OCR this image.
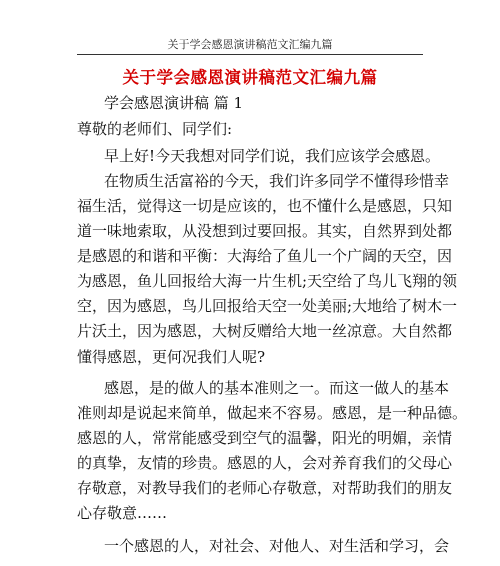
关于学会感恩演讲稿范文汇编九篇
关于学会感恩演讲稿范文汇编九篇
学会感恩演讲稿 篇 1
尊敬的老师们、同学们:
早上好!今天我想对同学们说，我们应该学会感恩。
在物质生活富裕的今天，我们许多同学不懂得珍惜幸
福生活，觉得这一切是应该的，也不懂什么是感恩，只知
道一味地索取，从没想到过要回报。其实，自然界到处都
是感恩的和谐和平衡：大海给了鱼儿一个广阔的天空，因
为感恩，鱼儿回报给大海一片生机;天空给了鸟儿飞翔的领
空，因为感恩，鸟儿回报给天空一处美丽;大地给了树木一
片沃土，因为感恩，大树反赠给大地一丝凉意。大自然都
懂得感恩，更何况我们人呢?
感恩，是的做人的基本准则之一。而这一做人的基本
准则却是说起来简单，做起来不容易。感恩，是一种品德。
感恩的人，常常能感受到空气的温馨，阳光的明媚，亲情
的真挚，友情的珍贵。感恩的人，会对养育我们的父母心
存敬意，对教导我们的老师心存敬意，对帮助我们的朋友
心存敬意……
一个感恩的人，对社会、对他人、对生活和学习，会
